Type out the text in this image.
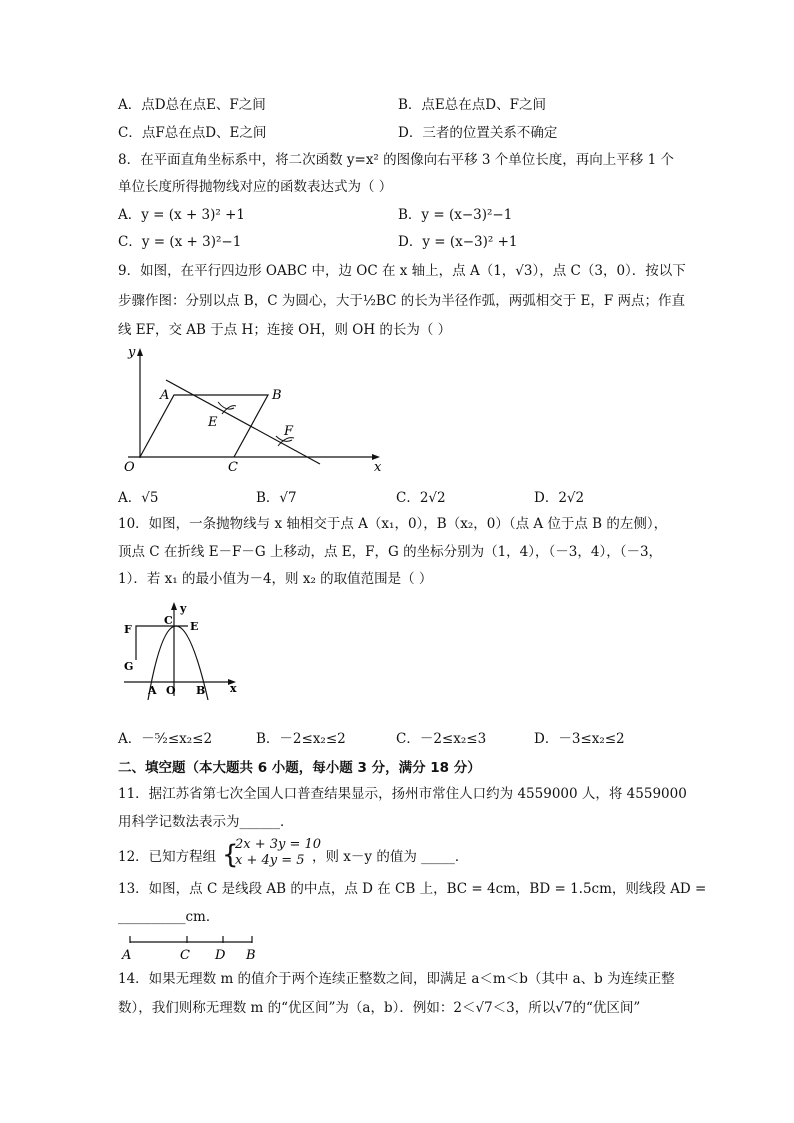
A．点D总在点E、F之间	B．点E总在点D、F之间
C．点F总在点D、E之间	D．三者的位置关系不确定
8．在平面直角坐标系中，将二次函数 y=x² 的图像向右平移 3 个单位长度，再向上平移 1 个
单位长度所得抛物线对应的函数表达式为（ ）
A．y = (x + 3)² +1	B．y = (x−3)²−1
C．y = (x + 3)²−1	D．y = (x−3)² +1
9．如图，在平行四边形 OABC 中，边 OC 在 x 轴上，点 A（1，√3），点 C（3，0）．按以下
步骤作图：分别以点 B，C 为圆心，大于½BC 的长为半径作弧，两弧相交于 E，F 两点；作直
线 EF，交 AB 于点 H；连接 OH，则 OH 的长为（ ）
y
x
O
A	B
C
E
F
A．√5	B．√7	C．2√2	D．2√2
10．如图，一条抛物线与 x 轴相交于点 A（x₁，0），B（x₂，0）（点 A 位于点 B 的左侧），
顶点 C 在折线 E－F－G 上移动，点 E，F，G 的坐标分别为（1，4），（－3，4），（－3，
1）．若 x₁ 的最小值为－4，则 x₂ 的取值范围是（ ）
y
x
O
A	B
C E
F
G
A．－⁵⁄₂≤x₂≤2	B．－2≤x₂≤2	C．－2≤x₂≤3	D．－3≤x₂≤2
二、填空题（本大题共 6 小题，每小题 3 分，满分 18 分）
11．据江苏省第七次全国人口普查结果显示，扬州市常住人口约为 4559000 人，将 4559000
用科学记数法表示为______．
12．已知方程组 {
2x + 3y = 10
x + 4y = 5 ，则 x－y 的值为 _____．
13．如图，点 C 是线段 AB 的中点，点 D 在 CB 上，BC = 4cm，BD = 1.5cm，则线段 AD =
__________cm．
A	C D B
14．如果无理数 m 的值介于两个连续正整数之间，即满足 a＜m＜b（其中 a、b 为连续正整
数），我们则称无理数 m 的“优区间”为（a，b）．例如：2＜√7＜3，所以√7的“优区间”
